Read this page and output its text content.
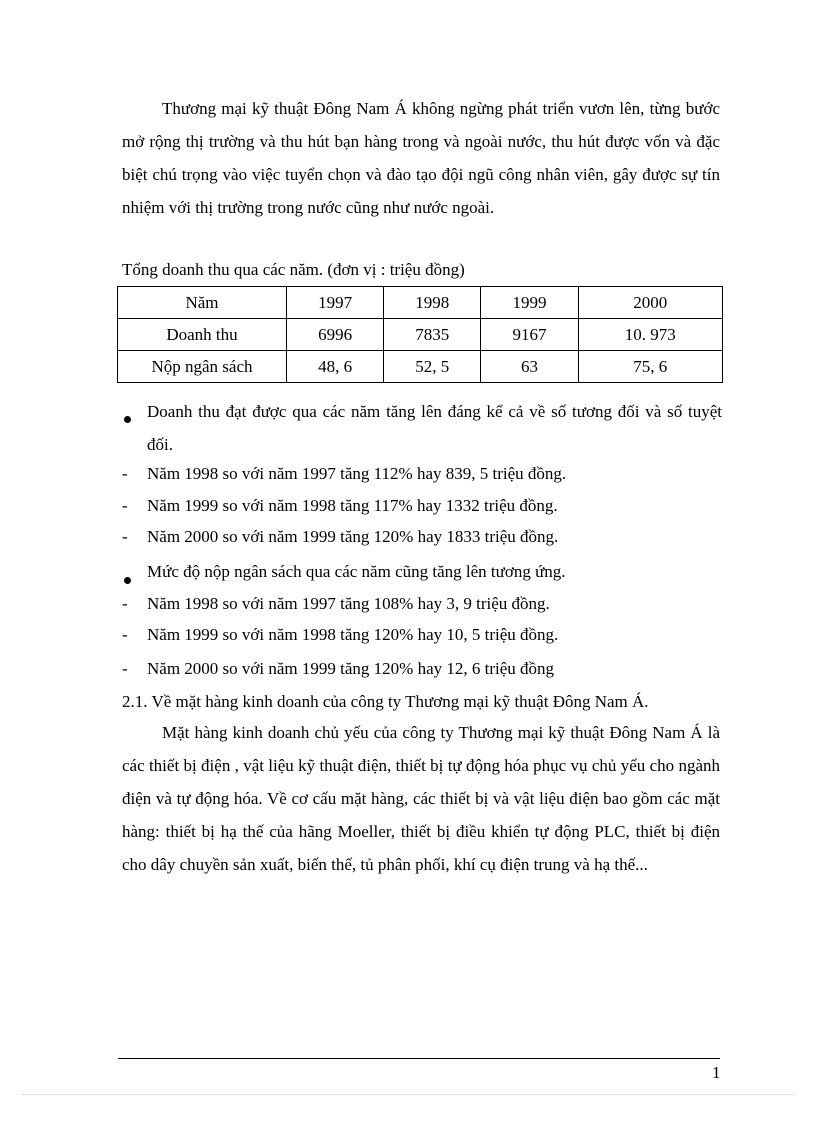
Thương mại kỹ thuật Đông Nam Á không ngừng phát triển vươn lên, từng bước mở rộng thị trường và thu hút bạn hàng trong và ngoài nước, thu hút được vốn và đặc biệt chú trọng vào việc tuyển chọn và đào tạo đội ngũ công nhân viên, gây được sự tín nhiệm với thị trường trong nước cũng như nước ngoài.

Tổng doanh thu qua các năm. (đơn vị : triệu đồng)

Năm	1997	1998	1999	2000
Doanh thu	6996	7835	9167	10. 973
Nộp ngân sách	48, 6	52, 5	63	75, 6
Doanh thu đạt được qua các năm tăng lên đáng kể cả về số tương đối và số tuyệt đối.
-	Năm 1998 so với năm 1997 tăng 112% hay 839, 5 triệu đồng.
-	Năm 1999 so với năm 1998 tăng 117% hay 1332 triệu đồng.
-	Năm 2000 so với năm 1999 tăng 120% hay 1833 triệu đồng.
Mức độ nộp ngân sách qua các năm cũng tăng lên tương ứng.
-	Năm 1998 so với năm 1997 tăng 108% hay 3, 9 triệu đồng.
-	Năm 1999 so với năm 1998 tăng 120% hay 10, 5 triệu đồng.
-	Năm 2000 so với năm 1999 tăng 120% hay 12, 6 triệu đồng

2.1. Về mặt hàng kinh doanh của công ty Thương mại kỹ thuật Đông Nam Á.

Mặt hàng kinh doanh chủ yếu của công ty Thương mại kỹ thuật Đông Nam Á là các thiết bị điện , vật liệu kỹ thuật điện, thiết bị tự động hóa phục vụ chủ yếu cho ngành điện và tự động hóa. Về cơ cấu mặt hàng, các thiết bị và vật liệu điện bao gồm các mặt hàng: thiết bị hạ thế của hãng Moeller, thiết bị điều khiển tự động PLC, thiết bị điện cho dây chuyền sản xuất, biến thế, tủ phân phối, khí cụ điện trung và hạ thế...

1
